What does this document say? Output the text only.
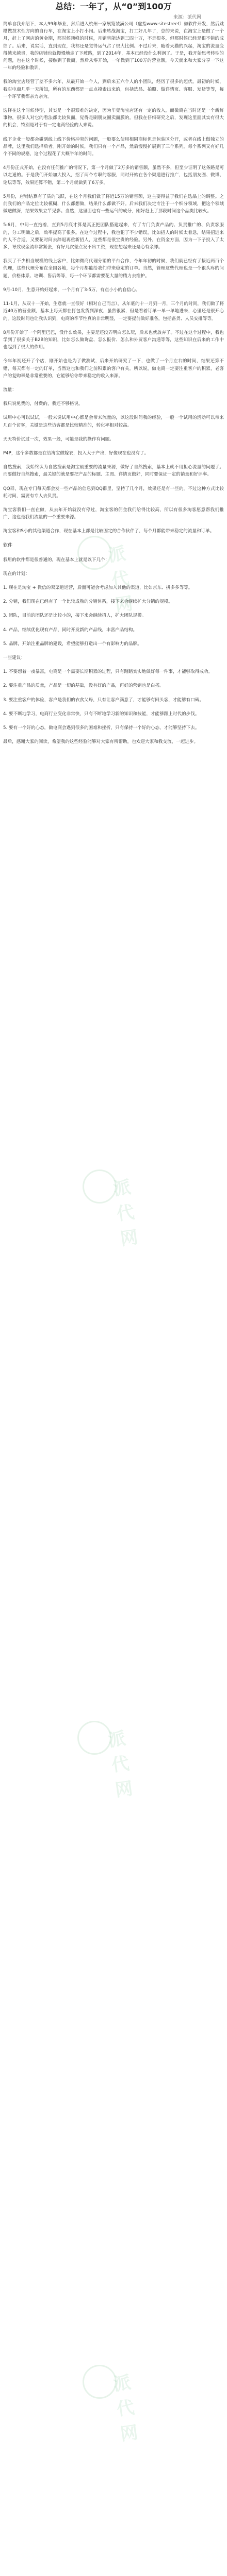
总结：一年了，从“0”到100万
来源：派代网

简单自我介绍下，本人99年毕业，然后进入杭州一家展览装潢公司（虚指www.sitestreet）做软件开发，然后跳槽做技术性方向的自行车，在淘宝上小打小闹。后来转战淘宝，打工好几年了，总的来说，在淘宝上是做了一个月，赶上了网店的黄金期，那时候顶峰的时候，月销售能达到三四十万，不是很多，但那时候已经是很不错的成绩了。后来，说实话，直到现在，我都还是觉得运气占了很大比例。不过后来，随着天猫的兴起，淘宝的流量变得越来越贵，我的店铺也就慢慢地走了下坡路，到了2014年，基本已经没什么利润了。于是，我开始思考转型的问题，也在这个时候，接触到了微商，然后从零开始，一年做到了100万的营业额，今天就来和大家分享一下这一年的经验和教训。

我的淘宝店经营了差不多六年，从最开始一个人，到后来五六个人的小团队，经历了很多的起伏。最初的时候，我对电商几乎一无所知，所有的东西都是一点点摸索出来的，包括选品、拍照、做详情页、客服、发货等等，每一个环节我都亲力亲为。

选择在这个时候转型，其实是一个很艰难的决定，因为毕竟淘宝店还有一定的收入，而微商在当时还是一个新鲜事物，很多人对它的看法都比较负面，觉得是刷朋友圈卖面膜的。但我在仔细研究之后，发现这里面其实有很大的机会，特别是对于有一定电商经验的人来说。

线下企业一般都会碰到线上线下价格冲突的问题，一般要么使用相同商标但是包装区分开，或者在线上做独立的品牌，这里我们选择后者。刚开始的时候，我们只有一个产品，然后慢慢扩展到了三个系列，每个系列又有好几个不同的规格，这个过程花了大概半年的时间。

4月份正式开始，在没有任何推广的情况下，第一个月做了2万多的销售额，虽然不多，但至少证明了这条路是可以走通的。于是我们开始加大投入，招了两个专职的客服，同时开始在各个渠道进行推广，包括朋友圈、微博、论坛等等，效果还算不错，第二个月就做到了6万多。

5月份，店铺结算有了质的飞跃，在这个月我们做了将近15万的销售额，这主要得益于我们在选品上的调整。之前我们的产品定位比较模糊，什么都想做，结果什么都做不好。后来我们决定专注于一个细分领域，把这个领域做透做深，结果效果立竿见影。当然，这里面也有一些运气的成分，刚好赶上了那段时间这个品类比较火。

5-6月，中间一直拖着，直到5月底才算是真正把团队搭建起来，有了专门负责产品的、负责推广的、负责客服的，分工明确之后，效率提高了很多。在这个过程中，我也犯了不少错误，比如招人的时候太着急，结果招进来的人不合适，又要花时间去辞退再重新招人，这些都是很宝贵的经验。另外，在资金方面，因为一下子投入了太多，导致现金流非常紧张，有好几次差点发不出工资，现在想起来还是心有余悸。

我买了不少相当规模的线上客户，比如微商代理分销的平台合作，今年年初的时候，我们就已经有了接近两百个代理，这些代理分布在全国各地，每个月都能给我们带来稳定的订单。当然，管理这些代理也是一个很头疼的问题，价格体系、培训、售后等等，每一个环节都需要花大量的精力去维护。

9月-10月，生意开始好起来，一个月有了3-5万，有点小小的自信心。

11-1月，从双十一开始，生意就一直很好（相对自己而言），从年底的十一月到一月，三个月的时间，我们做了将近40万的营业额，基本上每天都在打包发货到深夜，虽然很累，但是看着订单一单一单地进来，心里还是很开心的。这段时间也让我认识到，电商的季节性真的非常明显，一定要提前做好准备，包括备货、人员安排等等。

8月份开始了一个阿里巴巴，没什么效果，主要是还没弄明白怎么玩，后来也就放弃了。不过在这个过程中，我也学到了很多关于B2B的知识，比如怎么做询盘、怎么报价、怎么和外贸客户沟通等等，这些知识在后来的工作中也起到了很大的作用。

今年年初还开了个店，刚开始也是为了做测试，后来开始研究了一下，也做了一个月左右的时间，结果还算不错，每天都有一定的订单，当然这也和我们之前积累的客户有关。所以说，做电商一定要注重客户的积累，老客户的复购率是非常重要的，它能够给你带来稳定的收入来源。

流量：

我只说免费的，付费的，我还不够格说。

试用中心可以试试，一般来说试用中心都是会带来流量的，以这段时间我的经验，一般一个试用的活动可以带来几百个访客，关键是这些访客都是比较精准的，转化率相对较高。

天天特价试过一次，效果一般，可能是我的操作有问题。

P4P，这个多数都是在给淘宝做嫁衣，投入大于产出，好像现在也没有了。

自然搜索，我始终认为自然搜索是淘宝最重要的流量来源，做好了自然搜索，基本上就不用担心流量的问题了。而要做好自然搜索，最关键的就是要把产品的标题、主图、详情页做好，同时要保证一定的销量和好评率。

QQ群，现在专门每天都会发一些产品的信息到QQ群里，坚持了几个月，效果还是有一些的。不过这种方式比较耗时间，需要有专人去负责。

淘宝客我们一直在做，从去年开始就没有停过，淘宝客的佣金我们给得比较高，所以有很多淘客愿意帮我们推广，这也是我们流量的一个重要来源。

淘宝客和S小的其他渠道合作，现在基本上都是比较固定的合作伙伴了，每个月都能带来稳定的流量和订单。

软件

我用的软件都是很普通的，现在基本上就是以下几个：

现在的计划：

1. 现在是淘宝 + 微信的双渠道运营，后面可能会考虑加入其他的渠道，比如京东、拼多多等等。

2. 分销，我们现在已经有了一个比较成熟的分销体系，接下来会继续扩大分销的规模。

3. 团队，目前的团队还是比较小的，接下来会继续招人，扩大团队规模。

4. 产品，继续优化现有产品，同时开发新的产品线，丰富产品结构。

5. 品牌，开始注重品牌的建设，希望能够打造出一个有影响力的品牌。

一些建议：

1. 不要想着一夜暴富，电商是一个需要长期积累的过程，只有踏踏实实地做好每一件事，才能够取得成功。

2. 要注重产品的质量，产品是一切的基础，没有好的产品，再好的营销也是白搭。

3. 要注重客户的体验，客户是我们的衣食父母，只有让客户满意了，才能够有回头客，才能够有口碑。

4. 要不断地学习，电商行业变化非常快，只有不断地学习新的知识和技能，才能够跟上时代的步伐。

5. 要有一个好的心态，做电商会遇到很多的困难和挫折，只有保持一个好的心态，才能够坚持下去。

最后，感谢大家的阅读，希望我的这些经验能够对大家有所帮助，也欢迎大家和我交流，一起进步。

派代网
派代网
派代网
派代网
